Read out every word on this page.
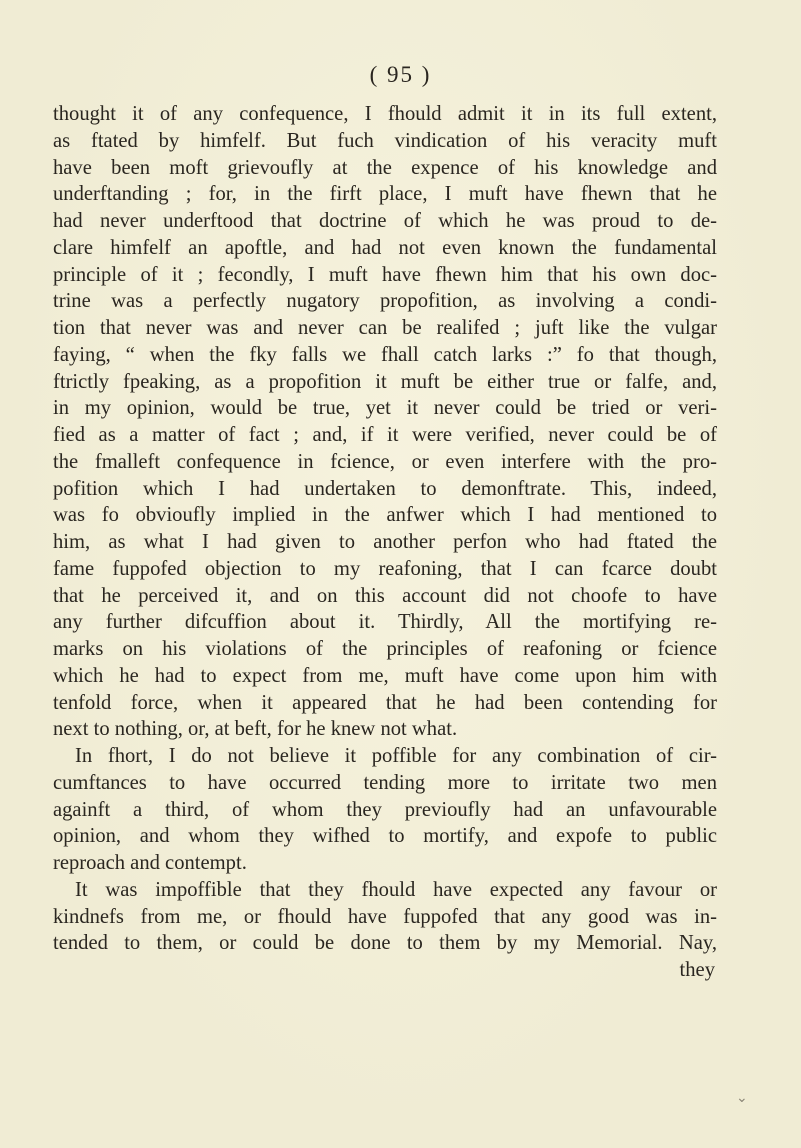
( 95 )
thought it of any confequence, I fhould admit it in its full extent,
as ftated by himfelf. But fuch vindication of his veracity muft
have been moft grievoufly at the expence of his knowledge and
underftanding ; for, in the firft place, I muft have fhewn that he
had never underftood that doctrine of which he was proud to de-
clare himfelf an apoftle, and had not even known the fundamental
principle of it ; fecondly, I muft have fhewn him that his own doc-
trine was a perfectly nugatory propofition, as involving a condi-
tion that never was and never can be realifed ; juft like the vulgar
faying, “ when the fky falls we fhall catch larks :” fo that though,
ftrictly fpeaking, as a propofition it muft be either true or falfe, and,
in my opinion, would be true, yet it never could be tried or veri-
fied as a matter of fact ; and, if it were verified, never could be of
the fmalleft confequence in fcience, or even interfere with the pro-
pofition which I had undertaken to demonftrate. This, indeed,
was fo obvioufly implied in the anfwer which I had mentioned to
him, as what I had given to another perfon who had ftated the
fame fuppofed objection to my reafoning, that I can fcarce doubt
that he perceived it, and on this account did not choofe to have
any further difcuffion about it. Thirdly, All the mortifying re-
marks on his violations of the principles of reafoning or fcience
which he had to expect from me, muft have come upon him with
tenfold force, when it appeared that he had been contending for
next to nothing, or, at beft, for he knew not what.
In fhort, I do not believe it poffible for any combination of cir-
cumftances to have occurred tending more to irritate two men
againft a third, of whom they previoufly had an unfavourable
opinion, and whom they wifhed to mortify, and expofe to public
reproach and contempt.
It was impoffible that they fhould have expected any favour or
kindnefs from me, or fhould have fuppofed that any good was in-
tended to them, or could be done to them by my Memorial. Nay,
they
⌄
